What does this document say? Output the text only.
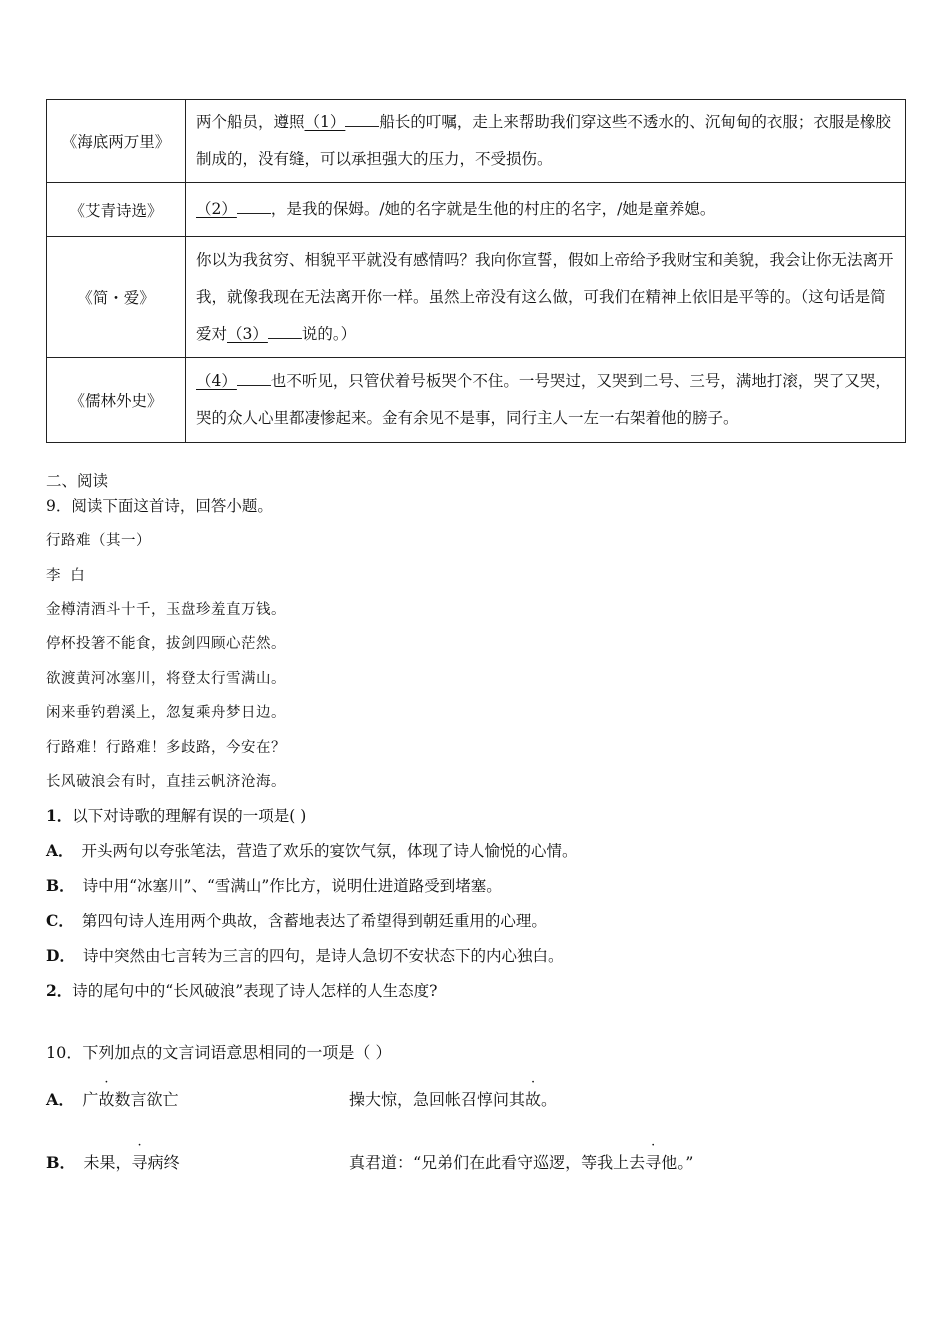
《海底两万里》	两个船员，遵照（1） 船长的叮嘱，走上来帮助我们穿这些不透水的、沉甸甸的衣服；衣服是橡胶制成的，没有缝，可以承担强大的压力，不受损伤。
《艾青诗选》	（2） ，是我的保姆。/她的名字就是生他的村庄的名字，/她是童养媳。
《简・爱》	你以为我贫穷、相貌平平就没有感情吗？我向你宣誓，假如上帝给予我财宝和美貌，我会让你无法离开我，就像我现在无法离开你一样。虽然上帝没有这么做，可我们在精神上依旧是平等的。（这句话是简爱对（3） 说的。）
《儒林外史》	（4） 也不听见，只管伏着号板哭个不住。一号哭过，又哭到二号、三号，满地打滚，哭了又哭，哭的众人心里都凄惨起来。金有余见不是事，同行主人一左一右架着他的膀子。
二、阅读
9．阅读下面这首诗，回答小题。
行路难（其一）
李 白
金樽清酒斗十千，玉盘珍羞直万钱。
停杯投箸不能食，拔剑四顾心茫然。
欲渡黄河冰塞川，将登太行雪满山。
闲来垂钓碧溪上，忽复乘舟梦日边。
行路难！行路难！多歧路，今安在？
长风破浪会有时，直挂云帆济沧海。
1．以下对诗歌的理解有误的一项是( )
A． 开头两句以夸张笔法，营造了欢乐的宴饮气氛，体现了诗人愉悦的心情。
B． 诗中用“冰塞川”、“雪满山”作比方，说明仕进道路受到堵塞。
C． 第四句诗人连用两个典故，含蓄地表达了希望得到朝廷重用的心理。
D． 诗中突然由七言转为三言的四句，是诗人急切不安状态下的内心独白。
2．诗的尾句中的“长风破浪”表现了诗人怎样的人生态度?
10．下列加点的文言词语意思相同的一项是（ ）
A． 广故数言欲亡	操大惊，急回帐召惇问其故。
B． 未果，寻病终	真君道：“兄弟们在此看守巡逻，等我上去寻他。”
